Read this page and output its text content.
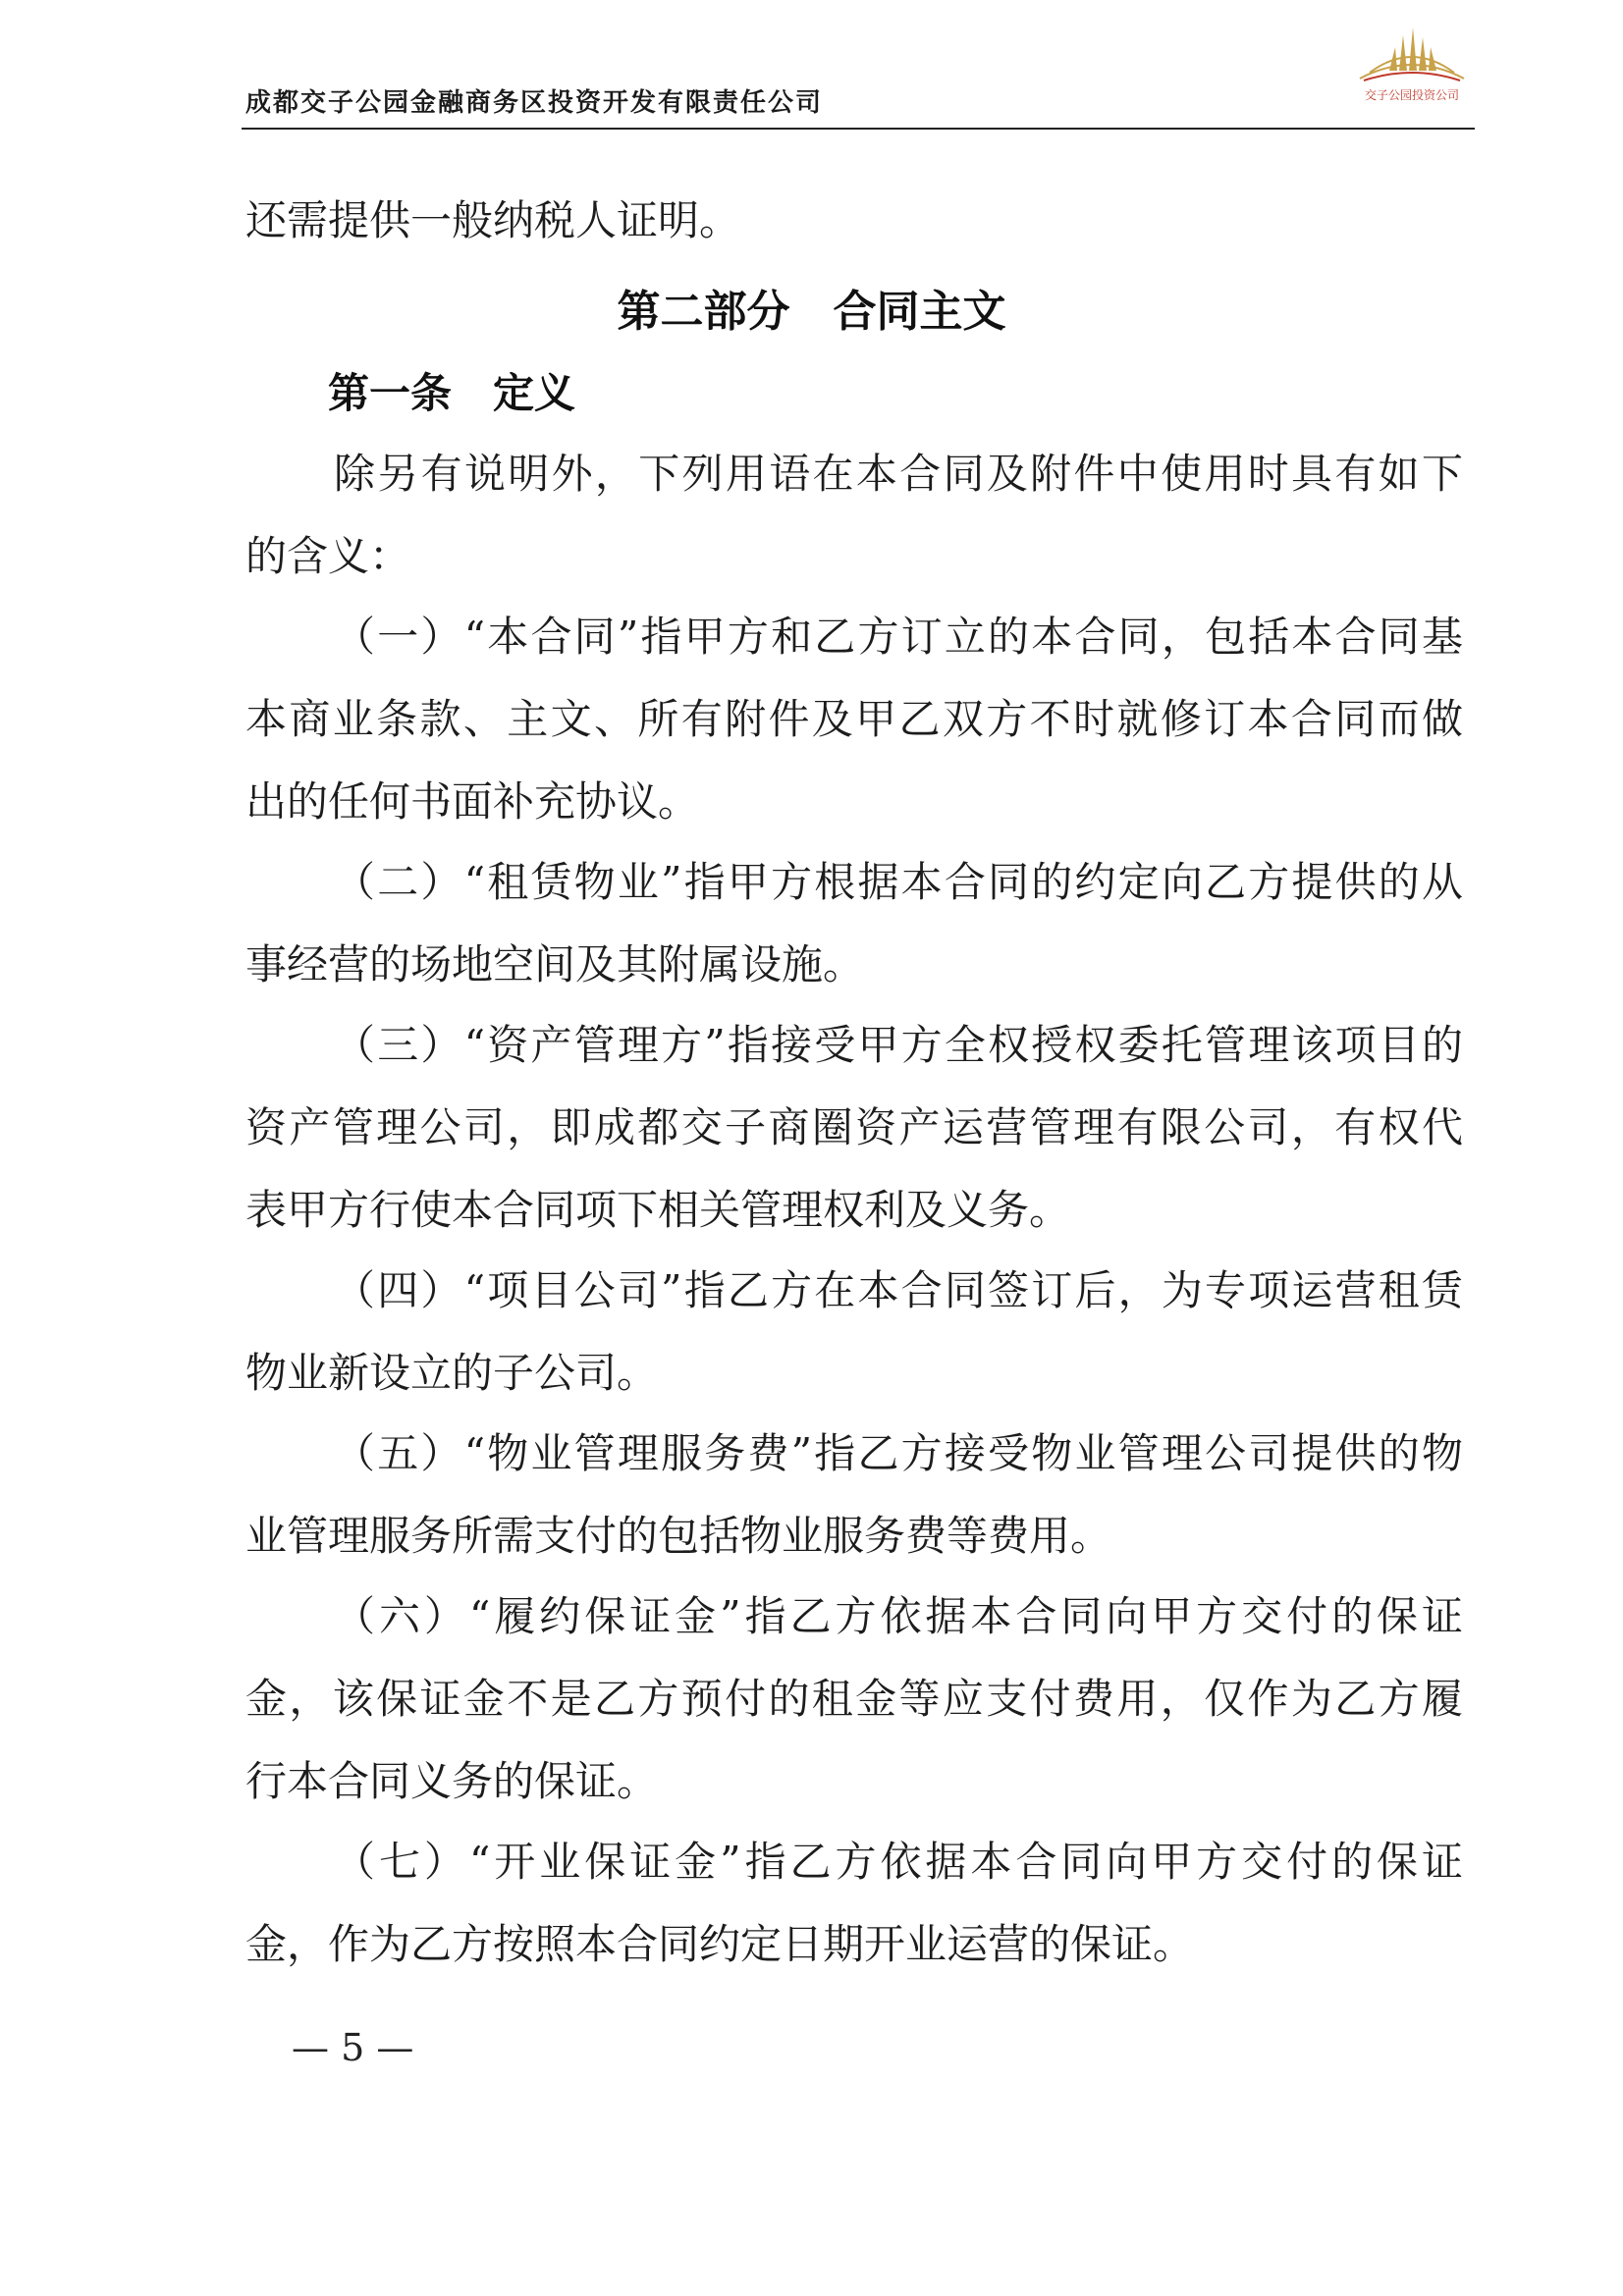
成都交子公园金融商务区投资开发有限责任公司	交子公园投资公司
还需提供一般纳税人证明。
第二部分　合同主文
第一条　定义
除另有说明外，下列用语在本合同及附件中使用时具有如下
的含义：
（一）“本合同”指甲方和乙方订立的本合同，包括本合同基
本商业条款、主文、所有附件及甲乙双方不时就修订本合同而做
出的任何书面补充协议。
（二）“租赁物业”指甲方根据本合同的约定向乙方提供的从
事经营的场地空间及其附属设施。
（三）“资产管理方”指接受甲方全权授权委托管理该项目的
资产管理公司，即成都交子商圈资产运营管理有限公司，有权代
表甲方行使本合同项下相关管理权利及义务。
（四）“项目公司”指乙方在本合同签订后，为专项运营租赁
物业新设立的子公司。
（五）“物业管理服务费”指乙方接受物业管理公司提供的物
业管理服务所需支付的包括物业服务费等费用。
（六）“履约保证金”指乙方依据本合同向甲方交付的保证
金，该保证金不是乙方预付的租金等应支付费用，仅作为乙方履
行本合同义务的保证。
（七）“开业保证金”指乙方依据本合同向甲方交付的保证
金，作为乙方按照本合同约定日期开业运营的保证。
— 5 —
